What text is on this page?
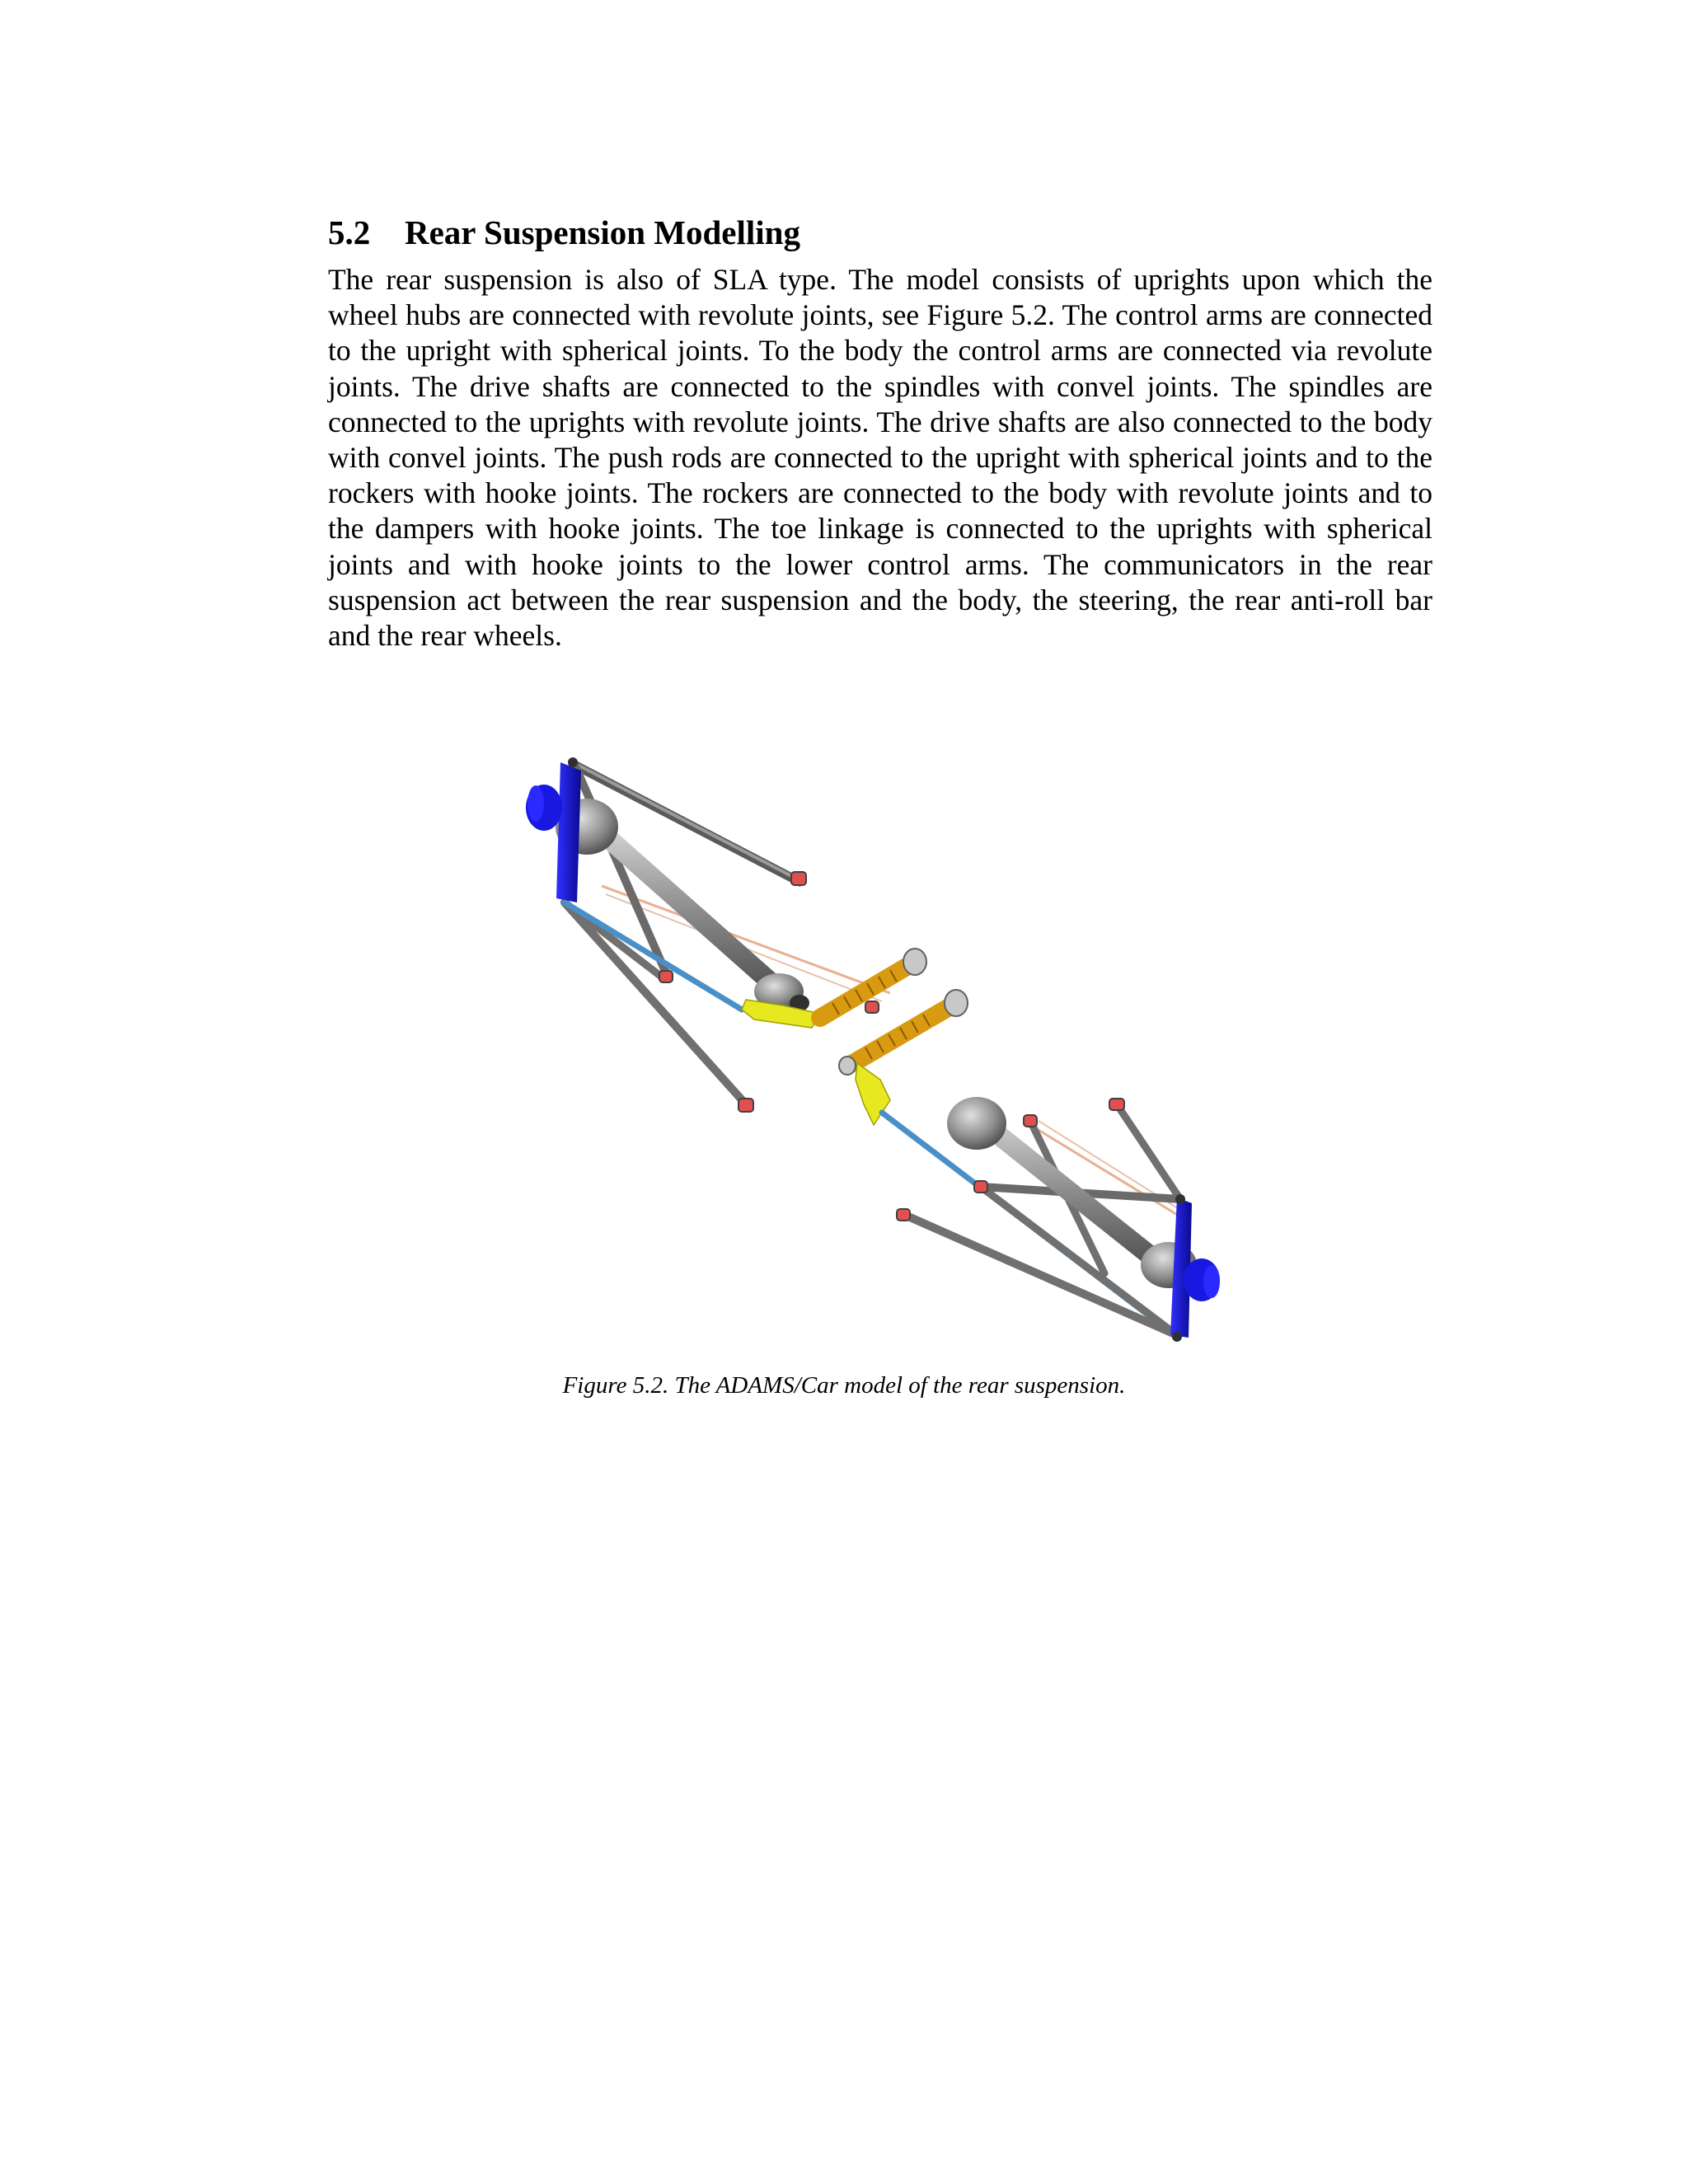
5.2 Rear Suspension Modelling

The rear suspension is also of SLA type. The model consists of uprights upon which the wheel hubs are connected with revolute joints, see Figure 5.2. The control arms are connected to the upright with spherical joints. To the body the control arms are connected via revolute joints. The drive shafts are connected to the spindles with convel joints. The spindles are connected to the uprights with revolute joints. The drive shafts are also connected to the body with convel joints. The push rods are connected to the upright with spherical joints and to the rockers with hooke joints. The rockers are connected to the body with revolute joints and to the dampers with hooke joints. The toe linkage is connected to the uprights with spherical joints and with hooke joints to the lower control arms. The communicators in the rear suspension act between the rear suspension and the body, the steering, the rear anti-roll bar and the rear wheels.

Figure 5.2. The ADAMS/Car model of the rear suspension.
